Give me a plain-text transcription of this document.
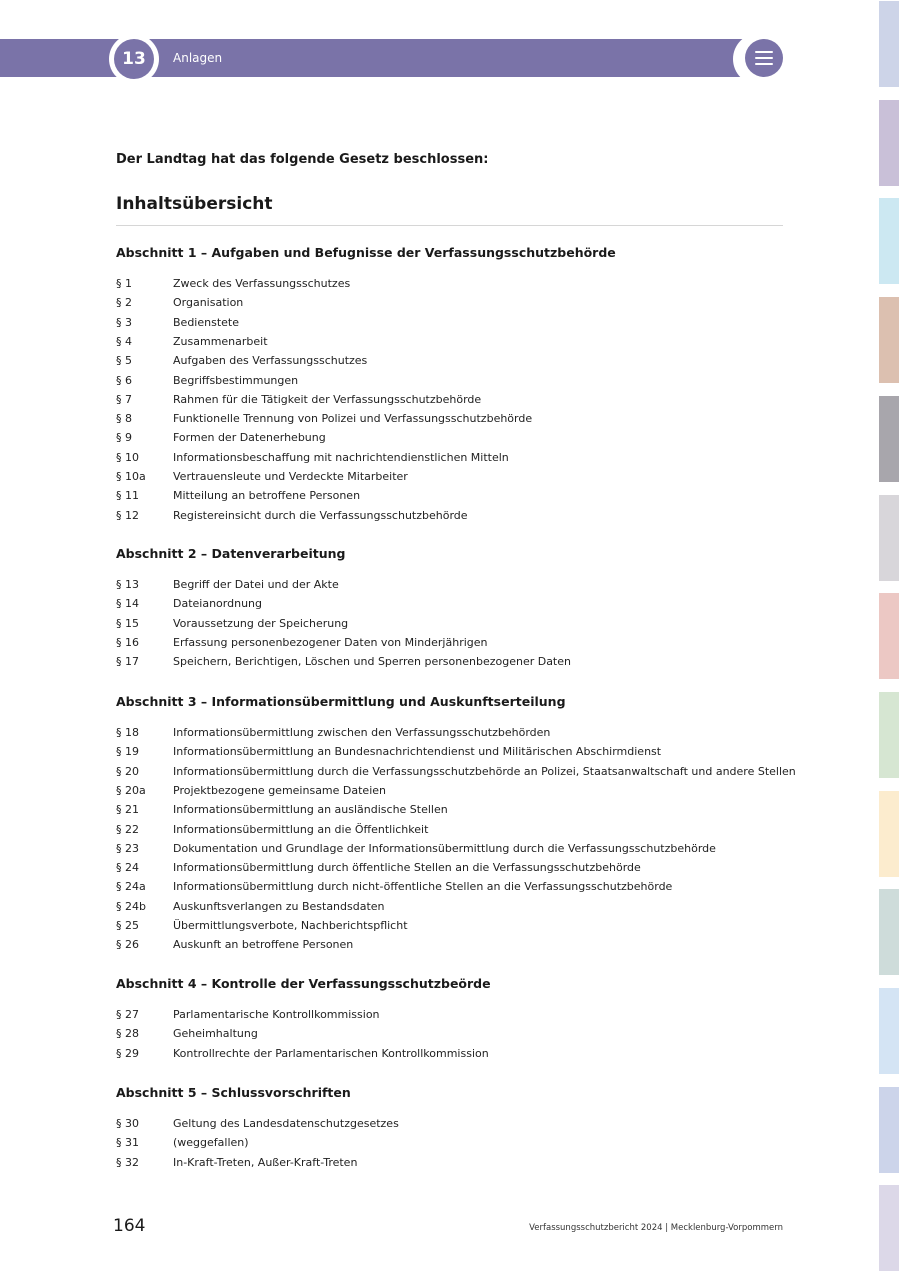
13	Anlagen
Der Landtag hat das folgende Gesetz beschlossen:
Inhaltsübersicht
Abschnitt 1 – Aufgaben und Befugnisse der Verfassungsschutzbehörde
§ 1	Zweck des Verfassungsschutzes
§ 2	Organisation
§ 3	Bedienstete
§ 4	Zusammenarbeit
§ 5	Aufgaben des Verfassungsschutzes
§ 6	Begriffsbestimmungen
§ 7	Rahmen für die Tätigkeit der Verfassungsschutzbehörde
§ 8	Funktionelle Trennung von Polizei und Verfassungsschutzbehörde
§ 9	Formen der Datenerhebung
§ 10	Informationsbeschaffung mit nachrichtendienstlichen Mitteln
§ 10a Vertrauensleute und Verdeckte Mitarbeiter
§ 11	Mitteilung an betroffene Personen
§ 12	Registereinsicht durch die Verfassungsschutzbehörde
Abschnitt 2 – Datenverarbeitung
§ 13	Begriff der Datei und der Akte
§ 14	Dateianordnung
§ 15	Voraussetzung der Speicherung
§ 16	Erfassung personenbezogener Daten von Minderjährigen
§ 17	Speichern, Berichtigen, Löschen und Sperren personenbezogener Daten
Abschnitt 3 – Informationsübermittlung und Auskunftserteilung
§ 18	Informationsübermittlung zwischen den Verfassungsschutzbehörden
§ 19	Informationsübermittlung an Bundesnachrichtendienst und Militärischen Abschirmdienst
§ 20	Informationsübermittlung durch die Verfassungsschutzbehörde an Polizei, Staatsanwaltschaft und andere Stellen
§ 20a Projektbezogene gemeinsame Dateien
§ 21	Informationsübermittlung an ausländische Stellen
§ 22	Informationsübermittlung an die Öffentlichkeit
§ 23	Dokumentation und Grundlage der Informationsübermittlung durch die Verfassungsschutzbehörde
§ 24	Informationsübermittlung durch öffentliche Stellen an die Verfassungsschutzbehörde
§ 24a Informationsübermittlung durch nicht-öffentliche Stellen an die Verfassungsschutzbehörde
§ 24b Auskunftsverlangen zu Bestandsdaten
§ 25	Übermittlungsverbote, Nachberichtspflicht
§ 26	Auskunft an betroffene Personen
Abschnitt 4 – Kontrolle der Verfassungsschutzbeörde
§ 27	Parlamentarische Kontrollkommission
§ 28	Geheimhaltung
§ 29	Kontrollrechte der Parlamentarischen Kontrollkommission
Abschnitt 5 – Schlussvorschriften
§ 30	Geltung des Landesdatenschutzgesetzes
§ 31	(weggefallen)
§ 32	In-Kraft-Treten, Außer-Kraft-Treten
164	Verfassungsschutzbericht 2024 | Mecklenburg-Vorpommern
